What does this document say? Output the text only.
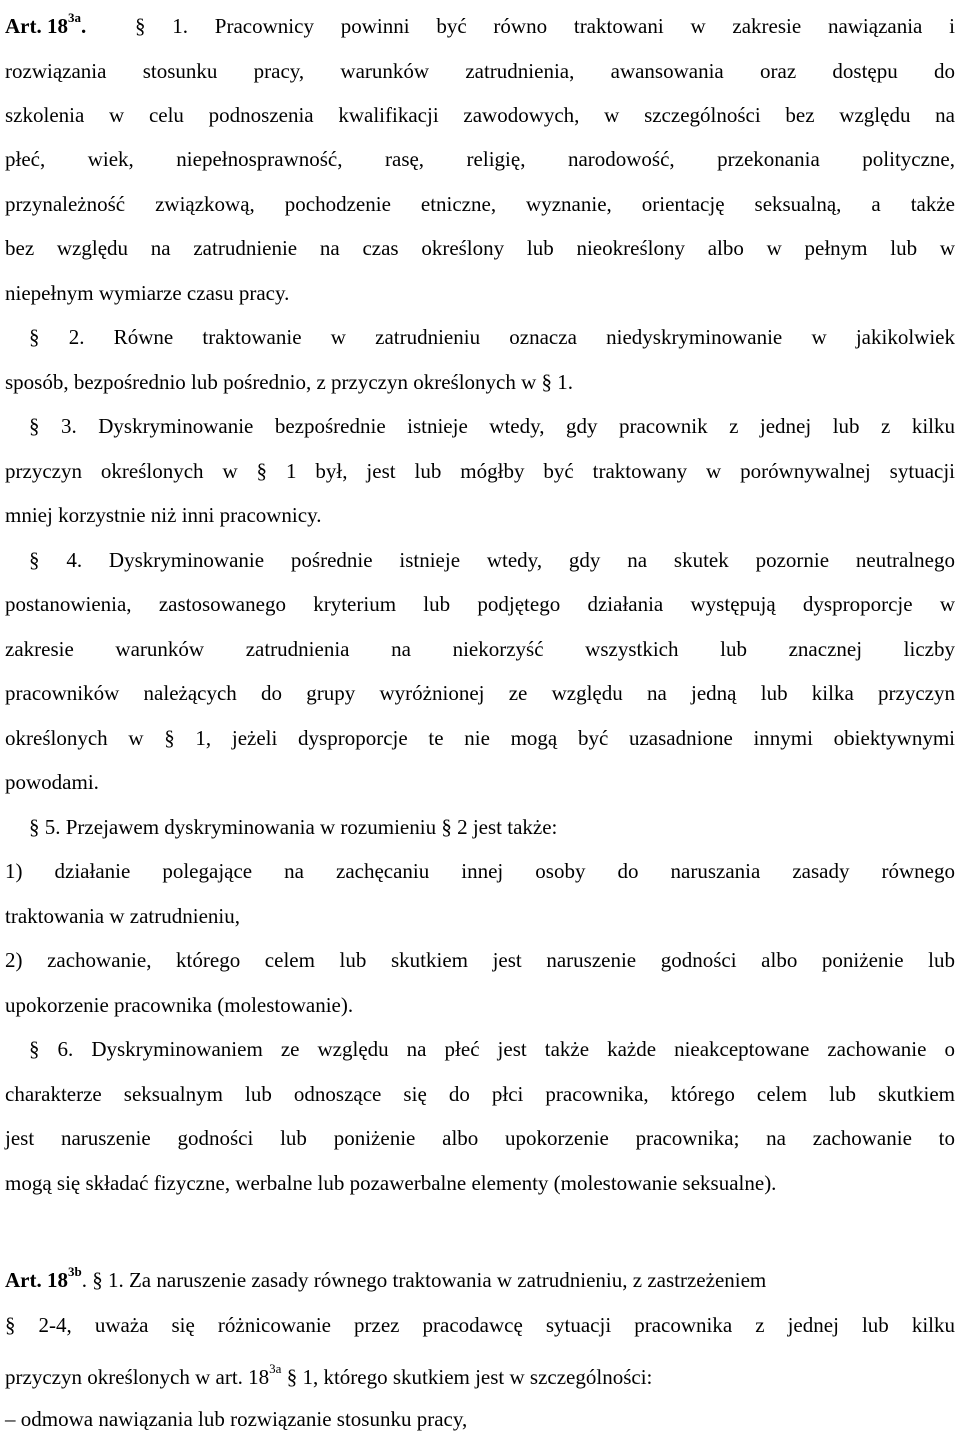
Art. $18^{3a}$.	§ 1. Pracownicy powinni być równo traktowani w zakresie nawiązania i
rozwiązania stosunku pracy, warunków zatrudnienia, awansowania oraz dostępu do
szkolenia w celu podnoszenia kwalifikacji zawodowych, w szczególności bez względu na
płeć, wiek, niepełnosprawność, rasę, religię, narodowość, przekonania polityczne,
przynależność związkową, pochodzenie etniczne, wyznanie, orientację seksualną, a także
bez względu na zatrudnienie na czas określony lub nieokreślony albo w pełnym lub w
niepełnym wymiarze czasu pracy.
§ 2. Równe traktowanie w zatrudnieniu oznacza niedyskryminowanie w jakikolwiek
sposób, bezpośrednio lub pośrednio, z przyczyn określonych w § 1.
§ 3. Dyskryminowanie bezpośrednie istnieje wtedy, gdy pracownik z jednej lub z kilku
przyczyn określonych w § 1 był, jest lub mógłby być traktowany w porównywalnej sytuacji
mniej korzystnie niż inni pracownicy.
§ 4. Dyskryminowanie pośrednie istnieje wtedy, gdy na skutek pozornie neutralnego
postanowienia, zastosowanego kryterium lub podjętego działania występują dysproporcje w
zakresie warunków zatrudnienia na niekorzyść wszystkich lub znacznej liczby
pracowników należących do grupy wyróżnionej ze względu na jedną lub kilka przyczyn
określonych w § 1, jeżeli dysproporcje te nie mogą być uzasadnione innymi obiektywnymi
powodami.
§ 5. Przejawem dyskryminowania w rozumieniu § 2 jest także:
1) działanie polegające na zachęcaniu innej osoby do naruszania zasady równego
traktowania w zatrudnieniu,
2) zachowanie, którego celem lub skutkiem jest naruszenie godności albo poniżenie lub
upokorzenie pracownika (molestowanie).
§ 6. Dyskryminowaniem ze względu na płeć jest także każde nieakceptowane zachowanie o
charakterze seksualnym lub odnoszące się do płci pracownika, którego celem lub skutkiem
jest naruszenie godności lub poniżenie albo upokorzenie pracownika; na zachowanie to
mogą się składać fizyczne, werbalne lub pozawerbalne elementy (molestowanie seksualne).
Art. $18^{3b}$. § 1. Za naruszenie zasady równego traktowania w zatrudnieniu, z zastrzeżeniem
§ 2-4, uważa się różnicowanie przez pracodawcę sytuacji pracownika z jednej lub kilku
przyczyn określonych w art. $18^{3a}$ § 1, którego skutkiem jest w szczególności:
– odmowa nawiązania lub rozwiązanie stosunku pracy,
